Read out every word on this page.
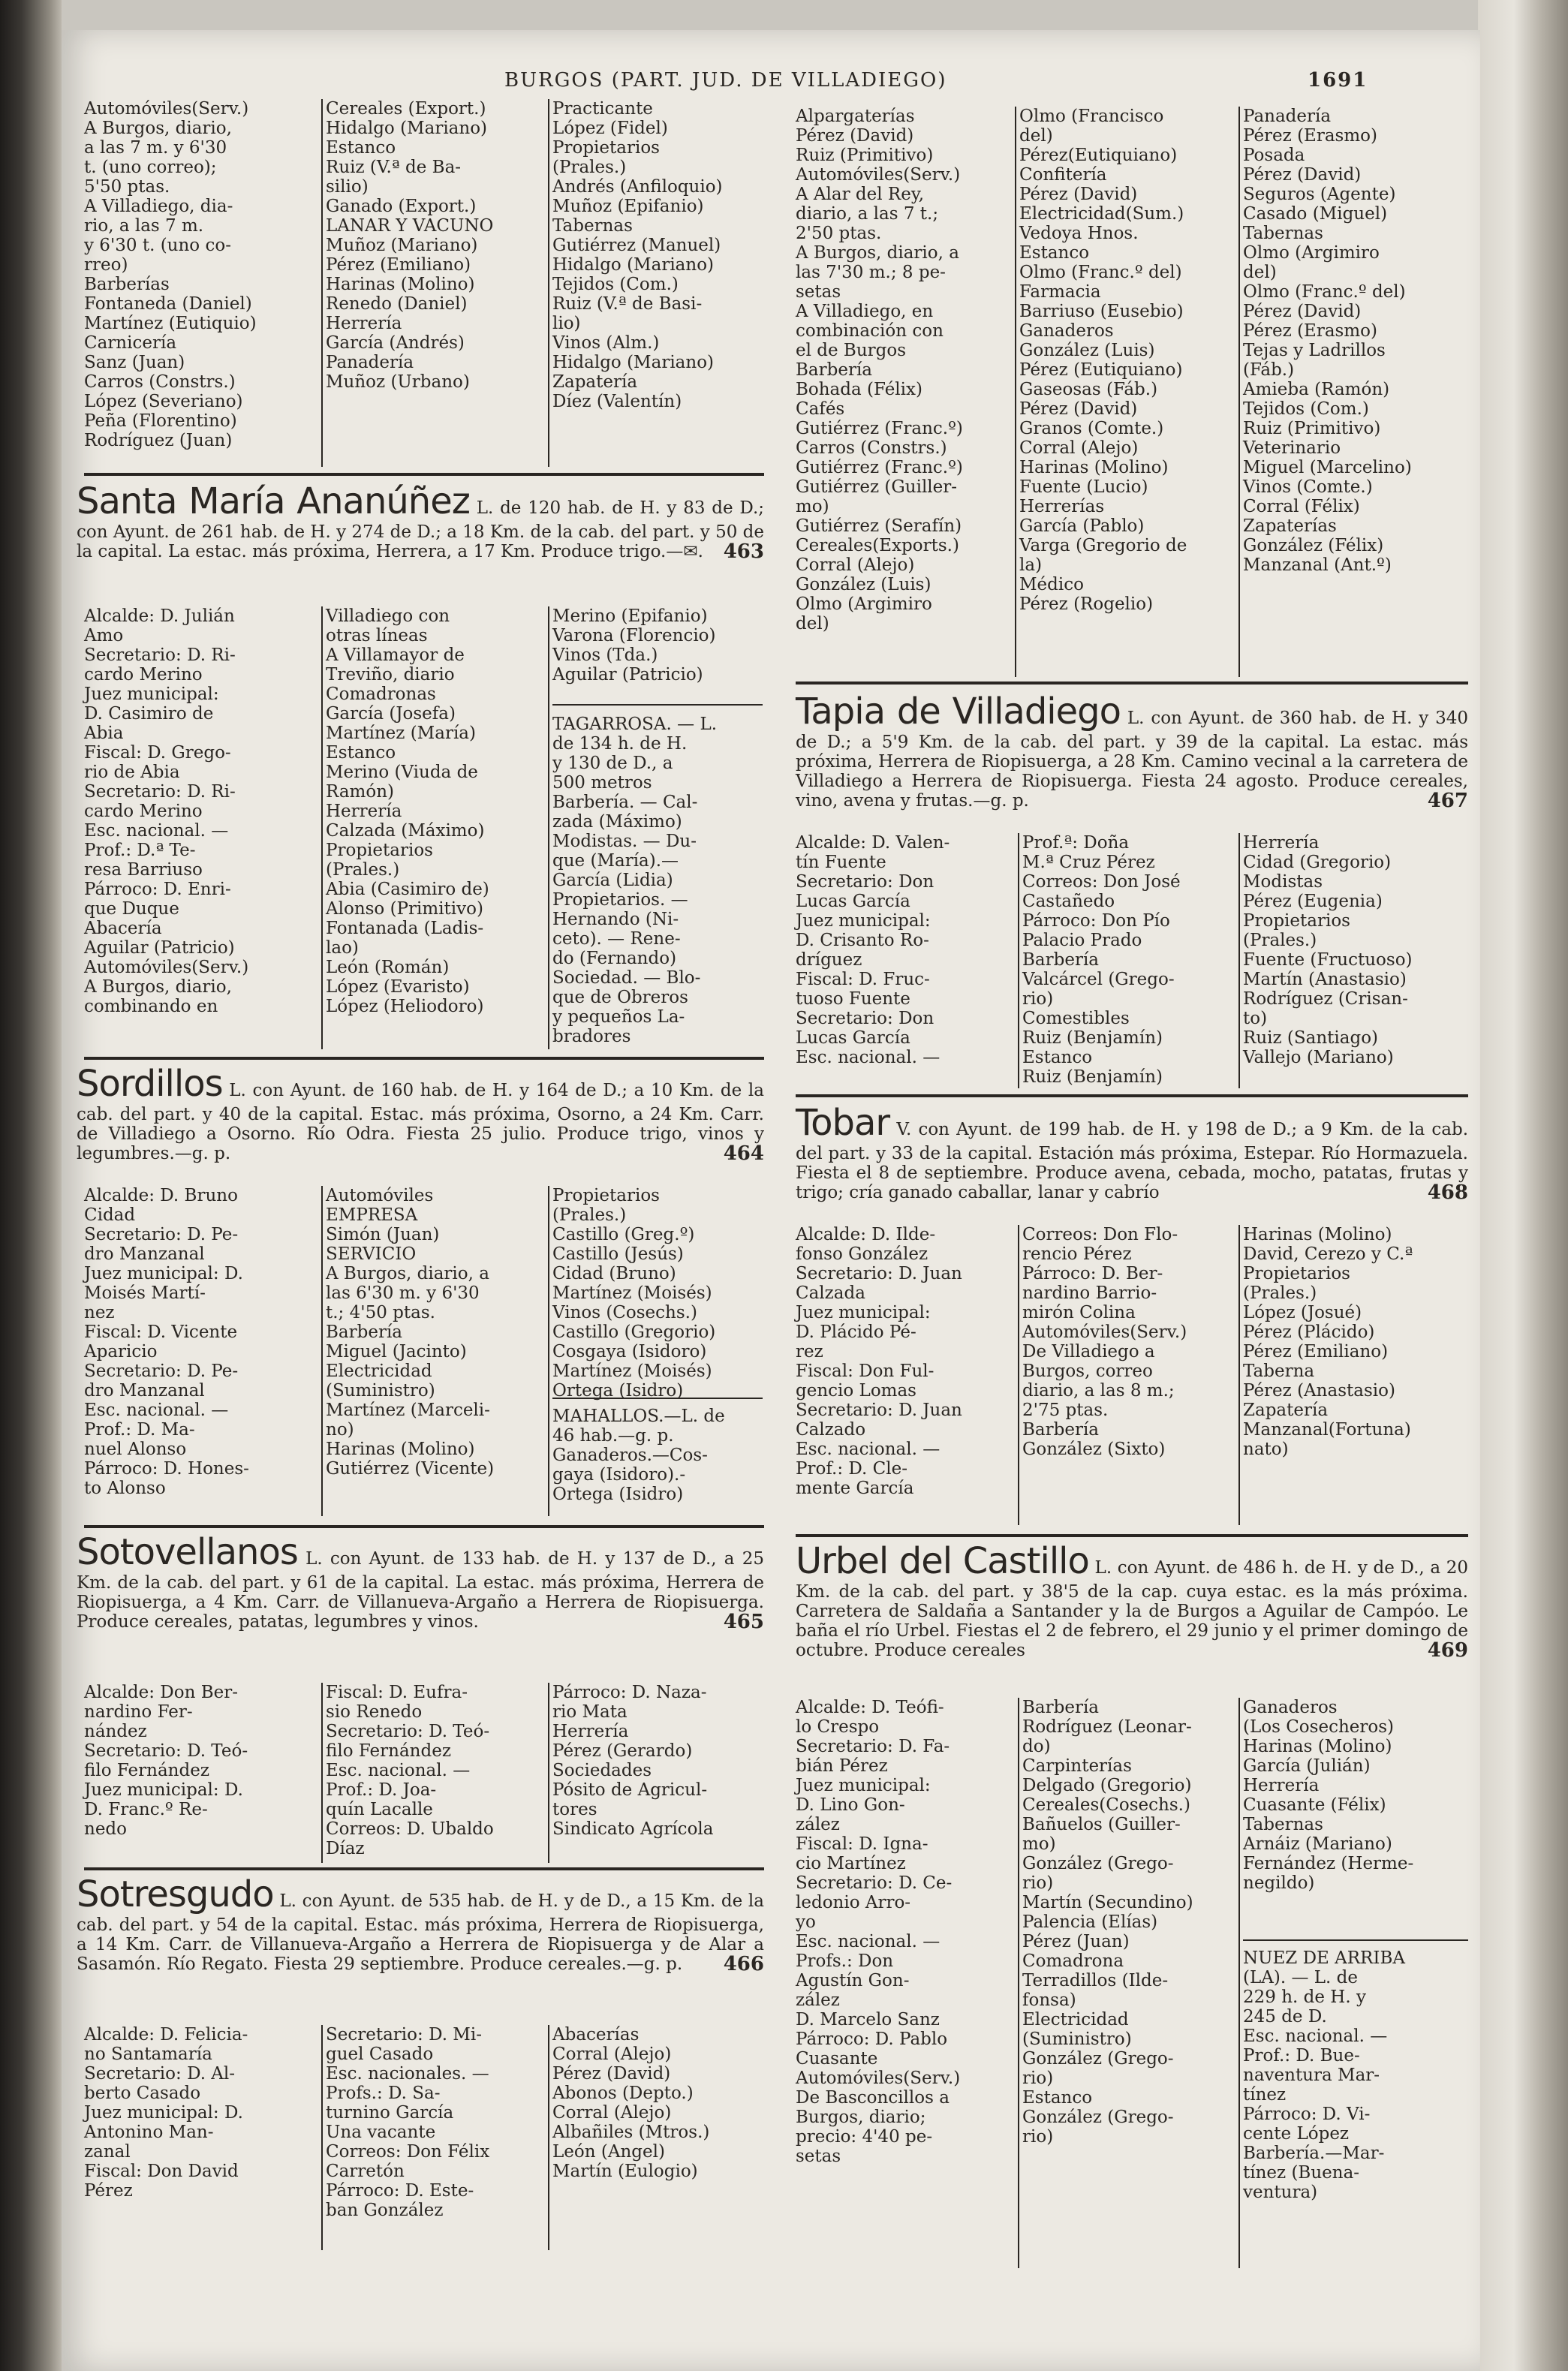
BURGOS (PART. JUD. DE VILLADIEGO)	1691
Automóviles(Serv.)
A Burgos, diario,
a las 7 m. y 6'30
t. (uno correo);
5'50 ptas.
A Villadiego, dia-
rio, a las 7 m.
y 6'30 t. (uno co-
rreo)
Barberías
Fontaneda (Daniel)
Martínez (Eutiquio)
Carnicería
Sanz (Juan)
Carros (Constrs.)
López (Severiano)
Peña (Florentino)
Rodríguez (Juan)
Cereales (Export.)
Hidalgo (Mariano)
Estanco
Ruiz (V.ª de Ba-
silio)
Ganado (Export.)
LANAR Y VACUNO
Muñoz (Mariano)
Pérez (Emiliano)
Harinas (Molino)
Renedo (Daniel)
Herrería
García (Andrés)
Panadería
Muñoz (Urbano)
Practicante
López (Fidel)
Propietarios
(Prales.)
Andrés (Anfiloquio)
Muñoz (Epifanio)
Tabernas
Gutiérrez (Manuel)
Hidalgo (Mariano)
Tejidos (Com.)
Ruiz (V.ª de Basi-
lio)
Vinos (Alm.)
Hidalgo (Mariano)
Zapatería
Díez (Valentín)
Alpargaterías
Pérez (David)
Ruiz (Primitivo)
Automóviles(Serv.)
A Alar del Rey,
diario, a las 7 t.;
2'50 ptas.
A Burgos, diario, a
las 7'30 m.; 8 pe-
setas
A Villadiego, en
combinación con
el de Burgos
Barbería
Bohada (Félix)
Cafés
Gutiérrez (Franc.º)
Carros (Constrs.)
Gutiérrez (Franc.º)
Gutiérrez (Guiller-
mo)
Gutiérrez (Serafín)
Cereales(Exports.)
Corral (Alejo)
González (Luis)
Olmo (Argimiro
del)
Olmo (Francisco
del)
Pérez(Eutiquiano)
Confitería
Pérez (David)
Electricidad(Sum.)
Vedoya Hnos.
Estanco
Olmo (Franc.º del)
Farmacia
Barriuso (Eusebio)
Ganaderos
González (Luis)
Pérez (Eutiquiano)
Gaseosas (Fáb.)
Pérez (David)
Granos (Comte.)
Corral (Alejo)
Harinas (Molino)
Fuente (Lucio)
Herrerías
García (Pablo)
Varga (Gregorio de
la)
Médico
Pérez (Rogelio)
Panadería
Pérez (Erasmo)
Posada
Pérez (David)
Seguros (Agente)
Casado (Miguel)
Tabernas
Olmo (Argimiro
del)
Olmo (Franc.º del)
Pérez (David)
Pérez (Erasmo)
Tejas y Ladrillos
(Fáb.)
Amieba (Ramón)
Tejidos (Com.)
Ruiz (Primitivo)
Veterinario
Miguel (Marcelino)
Vinos (Comte.)
Corral (Félix)
Zapaterías
González (Félix)
Manzanal (Ant.º)
Santa María Ananúñez L. de 120 hab. de H. y 83 de D.; con Ayunt. de 261 hab. de H. y 274 de D.; a 18 Km. de la cab. del part. y 50 de la capital. La estac. más próxima, Herrera, a 17 Km. Produce trigo.—✉. 463
Alcalde: D. Julián
Amo
Secretario: D. Ri-
cardo Merino
Juez municipal:
D. Casimiro de
Abia
Fiscal: D. Grego-
rio de Abia
Secretario: D. Ri-
cardo Merino
Esc. nacional. —
Prof.: D.ª Te-
resa Barriuso
Párroco: D. Enri-
que Duque
Abacería
Aguilar (Patricio)
Automóviles(Serv.)
A Burgos, diario,
combinando en
Villadiego con
otras líneas
A Villamayor de
Treviño, diario
Comadronas
García (Josefa)
Martínez (María)
Estanco
Merino (Viuda de
Ramón)
Herrería
Calzada (Máximo)
Propietarios
(Prales.)
Abia (Casimiro de)
Alonso (Primitivo)
Fontanada (Ladis-
lao)
León (Román)
López (Evaristo)
López (Heliodoro)
Merino (Epifanio)
Varona (Florencio)
Vinos (Tda.)
Aguilar (Patricio)
TAGARROSA. — L.
de 134 h. de H.
y 130 de D., a
500 metros
Barbería. — Cal-
zada (Máximo)
Modistas. — Du-
que (María).—
García (Lidia)
Propietarios. —
Hernando (Ni-
ceto). — Rene-
do (Fernando)
Sociedad. — Blo-
que de Obreros
y pequeños La-
bradores
Tapia de Villadiego L. con Ayunt. de 360 hab. de H. y 340 de D.; a 5'9 Km. de la cab. del part. y 39 de la capital. La estac. más próxima, Herrera de Riopisuerga, a 28 Km. Camino vecinal a la carretera de Villadiego a Herrera de Riopisuerga. Fiesta 24 agosto. Produce cereales, vino, avena y frutas.—g. p.	467
Alcalde: D. Valen-
tín Fuente
Secretario: Don
Lucas García
Juez municipal:
D. Crisanto Ro-
dríguez
Fiscal: D. Fruc-
tuoso Fuente
Secretario: Don
Lucas García
Esc. nacional. —
Prof.ª: Doña
M.ª Cruz Pérez
Correos: Don José
Castañedo
Párroco: Don Pío
Palacio Prado
Barbería
Valcárcel (Grego-
rio)
Comestibles
Ruiz (Benjamín)
Estanco
Ruiz (Benjamín)
Herrería
Cidad (Gregorio)
Modistas
Pérez (Eugenia)
Propietarios
(Prales.)
Fuente (Fructuoso)
Martín (Anastasio)
Rodríguez (Crisan-
to)
Ruiz (Santiago)
Vallejo (Mariano)
Sordillos L. con Ayunt. de 160 hab. de H. y 164 de D.; a 10 Km. de la cab. del part. y 40 de la capital. Estac. más próxima, Osorno, a 24 Km. Carr. de Villadiego a Osorno. Río Odra. Fiesta 25 julio. Produce trigo, vinos y legumbres.—g. p.	464
Alcalde: D. Bruno
Cidad
Secretario: D. Pe-
dro Manzanal
Juez municipal: D.
Moisés Martí-
nez
Fiscal: D. Vicente
Aparicio
Secretario: D. Pe-
dro Manzanal
Esc. nacional. —
Prof.: D. Ma-
nuel Alonso
Párroco: D. Hones-
to Alonso
Automóviles
EMPRESA
Simón (Juan)
SERVICIO
A Burgos, diario, a
las 6'30 m. y 6'30
t.; 4'50 ptas.
Barbería
Miguel (Jacinto)
Electricidad
(Suministro)
Martínez (Marceli-
no)
Harinas (Molino)
Gutiérrez (Vicente)
Propietarios
(Prales.)
Castillo (Greg.º)
Castillo (Jesús)
Cidad (Bruno)
Martínez (Moisés)
Vinos (Cosechs.)
Castillo (Gregorio)
Cosgaya (Isidoro)
Martínez (Moisés)
Ortega (Isidro)
MAHALLOS.—L. de
46 hab.—g. p.
Ganaderos.—Cos-
gaya (Isidoro).-
Ortega (Isidro)
Tobar V. con Ayunt. de 199 hab. de H. y 198 de D.; a 9 Km. de la cab. del part. y 33 de la capital. Estación más próxima, Estepar. Río Hormazuela. Fiesta el 8 de septiembre. Produce avena, cebada, mocho, patatas, frutas y trigo; cría ganado caballar, lanar y cabrío	468
Alcalde: D. Ilde-
fonso González
Secretario: D. Juan
Calzada
Juez municipal:
D. Plácido Pé-
rez
Fiscal: Don Ful-
gencio Lomas
Secretario: D. Juan
Calzado
Esc. nacional. —
Prof.: D. Cle-
mente García
Correos: Don Flo-
rencio Pérez
Párroco: D. Ber-
nardino Barrio-
mirón Colina
Automóviles(Serv.)
De Villadiego a
Burgos, correo
diario, a las 8 m.;
2'75 ptas.
Barbería
González (Sixto)
Harinas (Molino)
David, Cerezo y C.ª
Propietarios
(Prales.)
López (Josué)
Pérez (Plácido)
Pérez (Emiliano)
Taberna
Pérez (Anastasio)
Zapatería
Manzanal(Fortuna)
nato)
Sotovellanos L. con Ayunt. de 133 hab. de H. y 137 de D., a 25 Km. de la cab. del part. y 61 de la capital. La estac. más próxima, Herrera de Riopisuerga, a 4 Km. Carr. de Villanueva-Argaño a Herrera de Riopisuerga. Produce cereales, patatas, legumbres y vinos.	465
Alcalde: Don Ber-
nardino Fer-
nández
Secretario: D. Teó-
filo Fernández
Juez municipal: D.
D. Franc.º Re-
nedo
Fiscal: D. Eufra-
sio Renedo
Secretario: D. Teó-
filo Fernández
Esc. nacional. —
Prof.: D. Joa-
quín Lacalle
Correos: D. Ubaldo
Díaz
Párroco: D. Naza-
rio Mata
Herrería
Pérez (Gerardo)
Sociedades
Pósito de Agricul-
tores
Sindicato Agrícola
Urbel del Castillo L. con Ayunt. de 486 h. de H. y de D., a 20 Km. de la cab. del part. y 38'5 de la cap. cuya estac. es la más próxima. Carretera de Saldaña a Santander y la de Burgos a Aguilar de Campóo. Le baña el río Urbel. Fiestas el 2 de febrero, el 29 junio y el primer domingo de octubre. Produce cereales	469
Alcalde: D. Teófi-
lo Crespo
Secretario: D. Fa-
bián Pérez
Juez municipal:
D. Lino Gon-
zález
Fiscal: D. Igna-
cio Martínez
Secretario: D. Ce-
ledonio Arro-
yo
Esc. nacional. —
Profs.: Don
Agustín Gon-
zález
D. Marcelo Sanz
Párroco: D. Pablo
Cuasante
Automóviles(Serv.)
De Basconcillos a
Burgos, diario;
precio: 4'40 pe-
setas
Barbería
Rodríguez (Leonar-
do)
Carpinterías
Delgado (Gregorio)
Cereales(Cosechs.)
Bañuelos (Guiller-
mo)
González (Grego-
rio)
Martín (Secundino)
Palencia (Elías)
Pérez (Juan)
Comadrona
Terradillos (Ilde-
fonsa)
Electricidad
(Suministro)
González (Grego-
rio)
Estanco
González (Grego-
rio)
Ganaderos
(Los Cosecheros)
Harinas (Molino)
García (Julián)
Herrería
Cuasante (Félix)
Tabernas
Arnáiz (Mariano)
Fernández (Herme-
negildo)
NUEZ DE ARRIBA
(LA). — L. de
229 h. de H. y
245 de D.
Esc. nacional. —
Prof.: D. Bue-
naventura Mar-
tínez
Párroco: D. Vi-
cente López
Barbería.—Mar-
tínez (Buena-
ventura)
Sotresgudo L. con Ayunt. de 535 hab. de H. y de D., a 15 Km. de la cab. del part. y 54 de la capital. Estac. más próxima, Herrera de Riopisuerga, a 14 Km. Carr. de Villanueva-Argaño a Herrera de Riopisuerga y de Alar a Sasamón. Río Regato. Fiesta 29 septiembre. Produce cereales.—g. p. 466
Alcalde: D. Felicia-
no Santamaría
Secretario: D. Al-
berto Casado
Juez municipal: D.
Antonino Man-
zanal
Fiscal: Don David
Pérez
Secretario: D. Mi-
guel Casado
Esc. nacionales. —
Profs.: D. Sa-
turnino García
Una vacante
Correos: Don Félix
Carretón
Párroco: D. Este-
ban González
Abacerías
Corral (Alejo)
Pérez (David)
Abonos (Depto.)
Corral (Alejo)
Albañiles (Mtros.)
León (Angel)
Martín (Eulogio)
